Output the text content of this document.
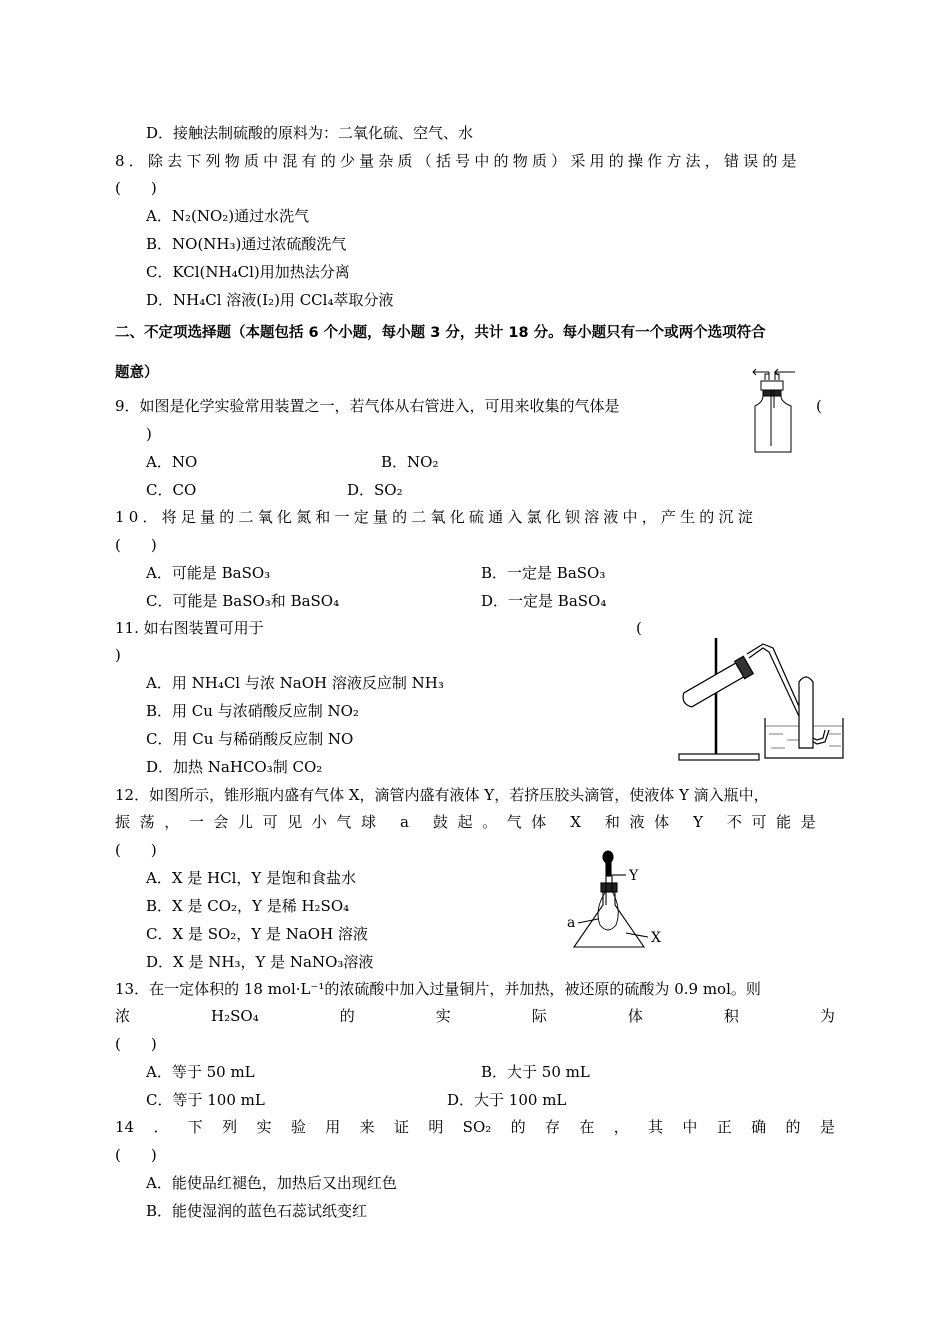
D．接触法制硫酸的原料为：二氧化硫、空气、水
8．除去下列物质中混有的少量杂质（括号中的物质）采用的操作方法，错误的是
(　　)
A．N₂(NO₂)通过水洗气
B．NO(NH₃)通过浓硫酸洗气
C．KCl(NH₄Cl)用加热法分离
D．NH₄Cl 溶液(I₂)用 CCl₄萃取分液
二、不定项选择题（本题包括 6 个小题，每小题 3 分，共计 18 分。每小题只有一个或两个选项符合
题意）
9．如图是化学实验常用装置之一，若气体从右管进入，可用来收集的气体是	(
)
A．NO	B．NO₂
C．CO	D．SO₂
10．将足量的二氧化氮和一定量的二氧化硫通入氯化钡溶液中，产生的沉淀
(　　)
A．可能是 BaSO₃	B．一定是 BaSO₃
C．可能是 BaSO₃和 BaSO₄	D．一定是 BaSO₄
11. 如右图装置可用于	(
)
A．用 NH₄Cl 与浓 NaOH 溶液反应制 NH₃
B．用 Cu 与浓硝酸反应制 NO₂
C．用 Cu 与稀硝酸反应制 NO
D．加热 NaHCO₃制 CO₂
12．如图所示，锥形瓶内盛有气体 X，滴管内盛有液体 Y，若挤压胶头滴管，使液体 Y 滴入瓶中，
振荡，一会儿可见小气球 a 鼓起。气体 X 和液体 Y 不可能是
(　　)
A．X 是 HCl，Y 是饱和食盐水
B．X 是 CO₂，Y 是稀 H₂SO₄
C．X 是 SO₂，Y 是 NaOH 溶液
D．X 是 NH₃，Y 是 NaNO₃溶液
Y
a
X
13．在一定体积的 18 mol·L⁻¹的浓硫酸中加入过量铜片，并加热，被还原的硫酸为 0.9 mol。则
浓	H₂SO₄	的	实	际	体	积	为
(　　)
A．等于 50 mL	B．大于 50 mL
C．等于 100 mL	D．大于 100 mL
14 ． 下 列 实 验 用 来 证 明 SO₂ 的 存 在 ， 其 中 正 确 的 是
(　　)
A．能使品红褪色，加热后又出现红色
B．能使湿润的蓝色石蕊试纸变红
